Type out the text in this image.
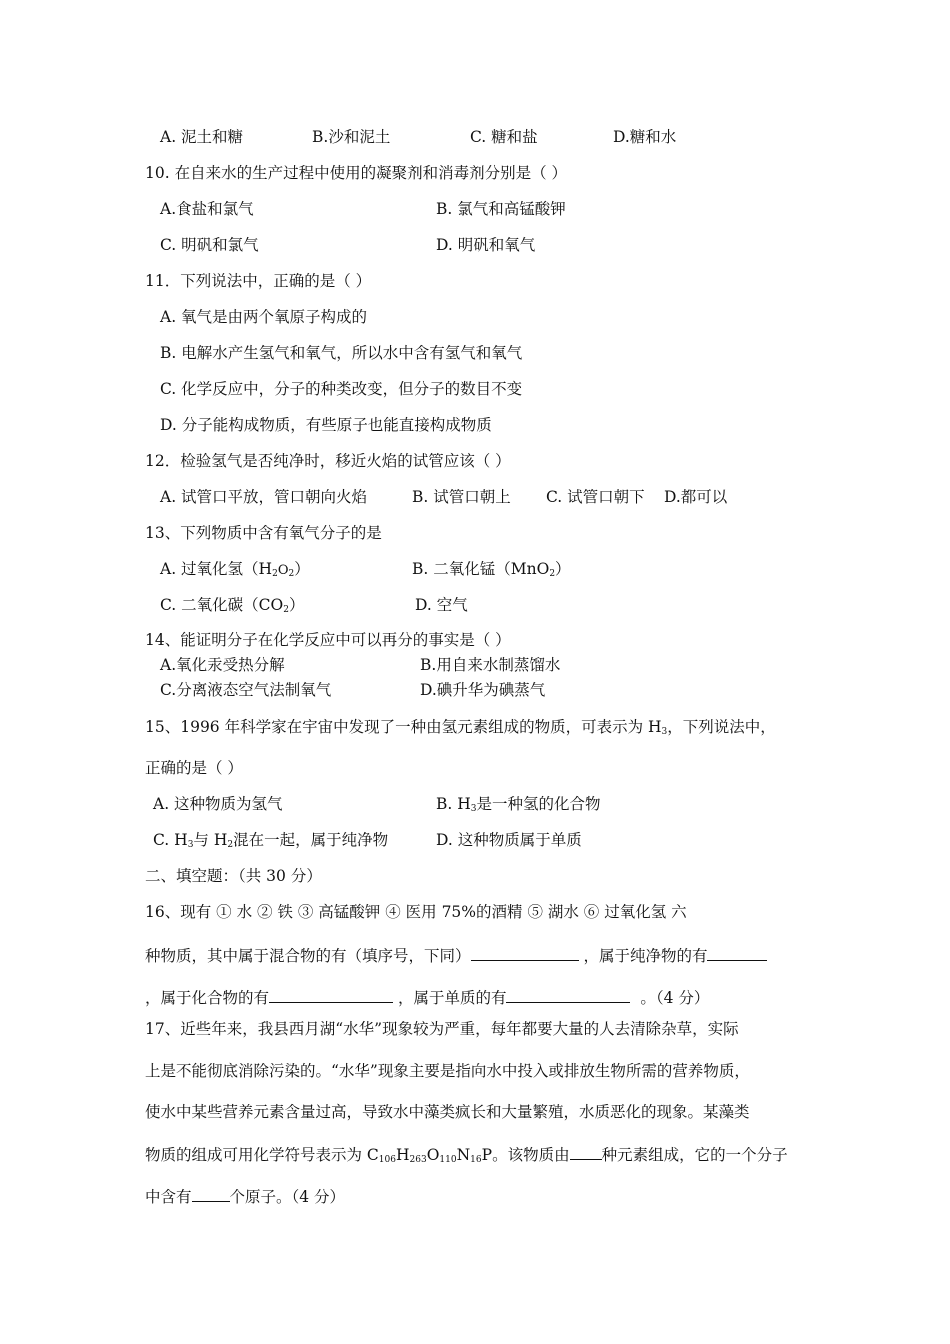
A. 泥土和糖	B.沙和泥土	C. 糖和盐	D.糖和水
10. 在自来水的生产过程中使用的凝聚剂和消毒剂分别是（ ）
A.食盐和氯气	B. 氯气和高锰酸钾
C. 明矾和氯气	D. 明矾和氧气
11．下列说法中，正确的是（ ）
A. 氧气是由两个氧原子构成的
B. 电解水产生氢气和氧气，所以水中含有氢气和氧气
C. 化学反应中，分子的种类改变，但分子的数目不变
D. 分子能构成物质，有些原子也能直接构成物质
12．检验氢气是否纯净时，移近火焰的试管应该（ ）
A. 试管口平放，管口朝向火焰	B. 试管口朝上 C. 试管口朝下 D.都可以
13、下列物质中含有氧气分子的是
A. 过氧化氢$(H_2O_2)$	B. 二氧化锰（MnO$_2$）
C. 二氧化碳$(CO_2)$	D. 空气
14、能证明分子在化学反应中可以再分的事实是（ ）
A.氧化汞受热分解	B.用自来水制蒸馏水
C.分离液态空气法制氧气	D.碘升华为碘蒸气
15、1996 年科学家在宇宙中发现了一种由氢元素组成的物质，可表示为 $H_3$，下列说法中，
正确的是（ ）
A. 这种物质为氢气	B. $H_3$是一种氢的化合物
C. $H_3$与 $H_2$混在一起，属于纯净物	D. 这种物质属于单质
二、填空题：（共 30 分）
16、现有 ① 水 ② 铁 ③ 高锰酸钾 ④ 医用 75%的酒精 ⑤ 湖水 ⑥ 过氧化氢 六
种物质，其中属于混合物的有（填序号，下同）	，属于纯净物的有
，属于化合物的有	，属于单质的有	。（4 分）
17、近些年来，我县西月湖“水华”现象较为严重，每年都要大量的人去清除杂草，实际
上是不能彻底消除污染的。“水华”现象主要是指向水中投入或排放生物所需的营养物质，
使水中某些营养元素含量过高，导致水中藻类疯长和大量繁殖，水质恶化的现象。某藻类
物质的组成可用化学符号表示为 $C_{106}H_{263}O_{110}N_{16}P$。该物质由 种元素组成，它的一个分子
中含有 个原子。（4 分）
